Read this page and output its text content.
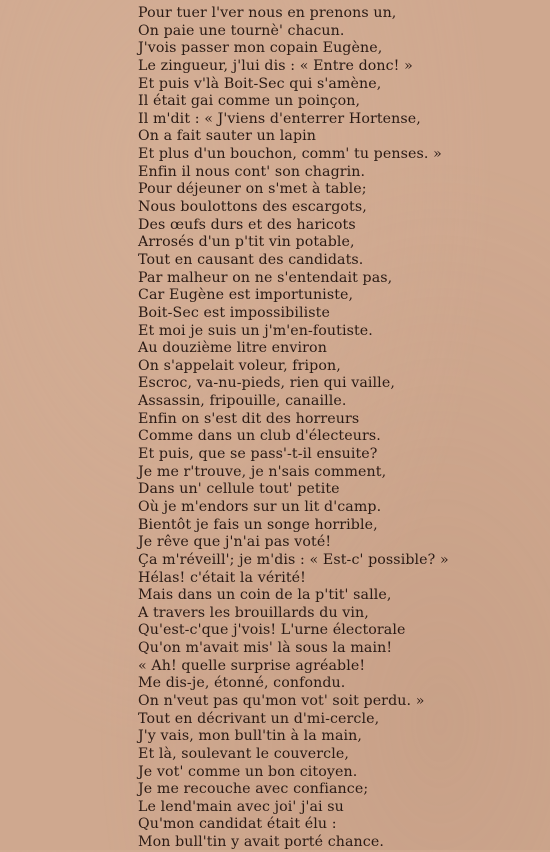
Pour tuer l'ver nous en prenons un,
On paie une tournè' chacun.
J'vois passer mon copain Eugène,
Le zingueur, j'lui dis : « Entre donc! »
Et puis v'là Boit-Sec qui s'amène,
Il était gai comme un poinçon,
Il m'dit : « J'viens d'enterrer Hortense,
On a fait sauter un lapin
Et plus d'un bouchon, comm' tu penses. »
Enfin il nous cont' son chagrin.
Pour déjeuner on s'met à table;
Nous boulottons des escargots,
Des œufs durs et des haricots
Arrosés d'un p'tit vin potable,
Tout en causant des candidats.
Par malheur on ne s'entendait pas,
Car Eugène est importuniste,
Boit-Sec est impossibiliste
Et moi je suis un j'm'en-foutiste.
Au douzième litre environ
On s'appelait voleur, fripon,
Escroc, va-nu-pieds, rien qui vaille,
Assassin, fripouille, canaille.
Enfin on s'est dit des horreurs
Comme dans un club d'électeurs.
Et puis, que se pass'-t-il ensuite?
Je me r'trouve, je n'sais comment,
Dans un' cellule tout' petite
Où je m'endors sur un lit d'camp.
Bientôt je fais un songe horrible,
Je rêve que j'n'ai pas voté!
Ça m'réveill'; je m'dis : « Est-c' possible? »
Hélas! c'était la vérité!
Mais dans un coin de la p'tit' salle,
A travers les brouillards du vin,
Qu'est-c'que j'vois! L'urne électorale
Qu'on m'avait mis' là sous la main!
« Ah! quelle surprise agréable!
Me dis-je, étonné, confondu.
On n'veut pas qu'mon vot' soit perdu. »
Tout en décrivant un d'mi-cercle,
J'y vais, mon bull'tin à la main,
Et là, soulevant le couvercle,
Je vot' comme un bon citoyen.
Je me recouche avec confiance;
Le lend'main avec joi' j'ai su
Qu'mon candidat était élu :
Mon bull'tin y avait porté chance.
